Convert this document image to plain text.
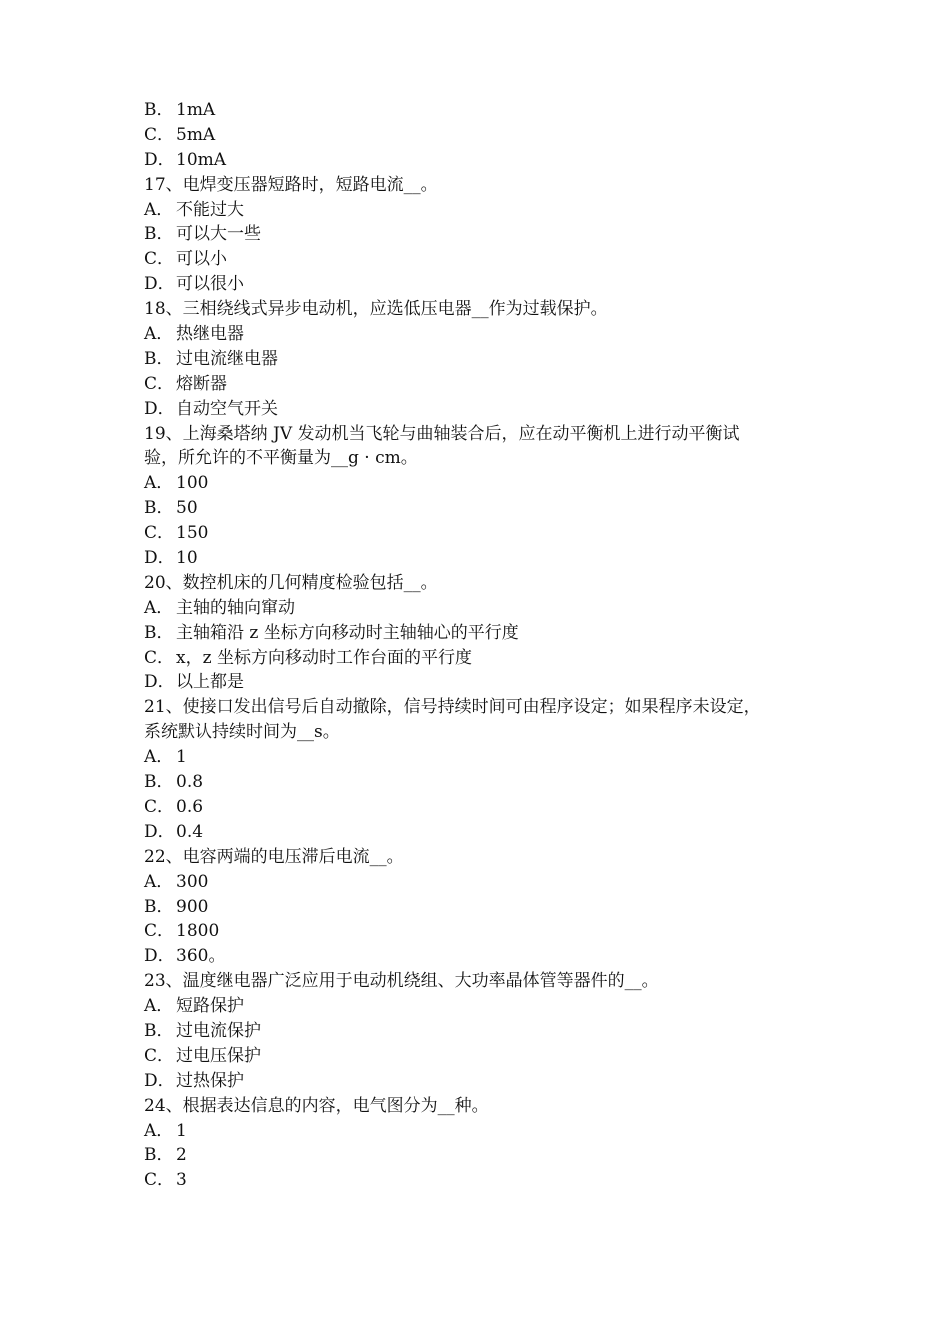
B． 1mA
C． 5mA
D．10mA
17、电焊变压器短路时，短路电流__。
A． 不能过大
B． 可以大一些
C． 可以小
D．可以很小
18、三相绕线式异步电动机，应选低压电器__作为过载保护。
A． 热继电器
B． 过电流继电器
C． 熔断器
D．自动空气开关
19、上海桑塔纳 JV 发动机当飞轮与曲轴装合后，应在动平衡机上进行动平衡试
验，所允许的不平衡量为__g · cm。
A． 100
B． 50
C． 150
D．10
20、数控机床的几何精度检验包括__。
A． 主轴的轴向窜动
B． 主轴箱沿 z 坐标方向移动时主轴轴心的平行度
C． x，z 坐标方向移动时工作台面的平行度
D．以上都是
21、使接口发出信号后自动撤除，信号持续时间可由程序设定；如果程序未设定，
系统默认持续时间为__s。
A． 1
B． 0.8
C． 0.6
D．0.4
22、电容两端的电压滞后电流__。
A． 300
B． 900
C． 1800
D．360。
23、温度继电器广泛应用于电动机绕组、大功率晶体管等器件的__。
A． 短路保护
B． 过电流保护
C． 过电压保护
D．过热保护
24、根据表达信息的内容，电气图分为__种。
A． 1
B． 2
C． 3
